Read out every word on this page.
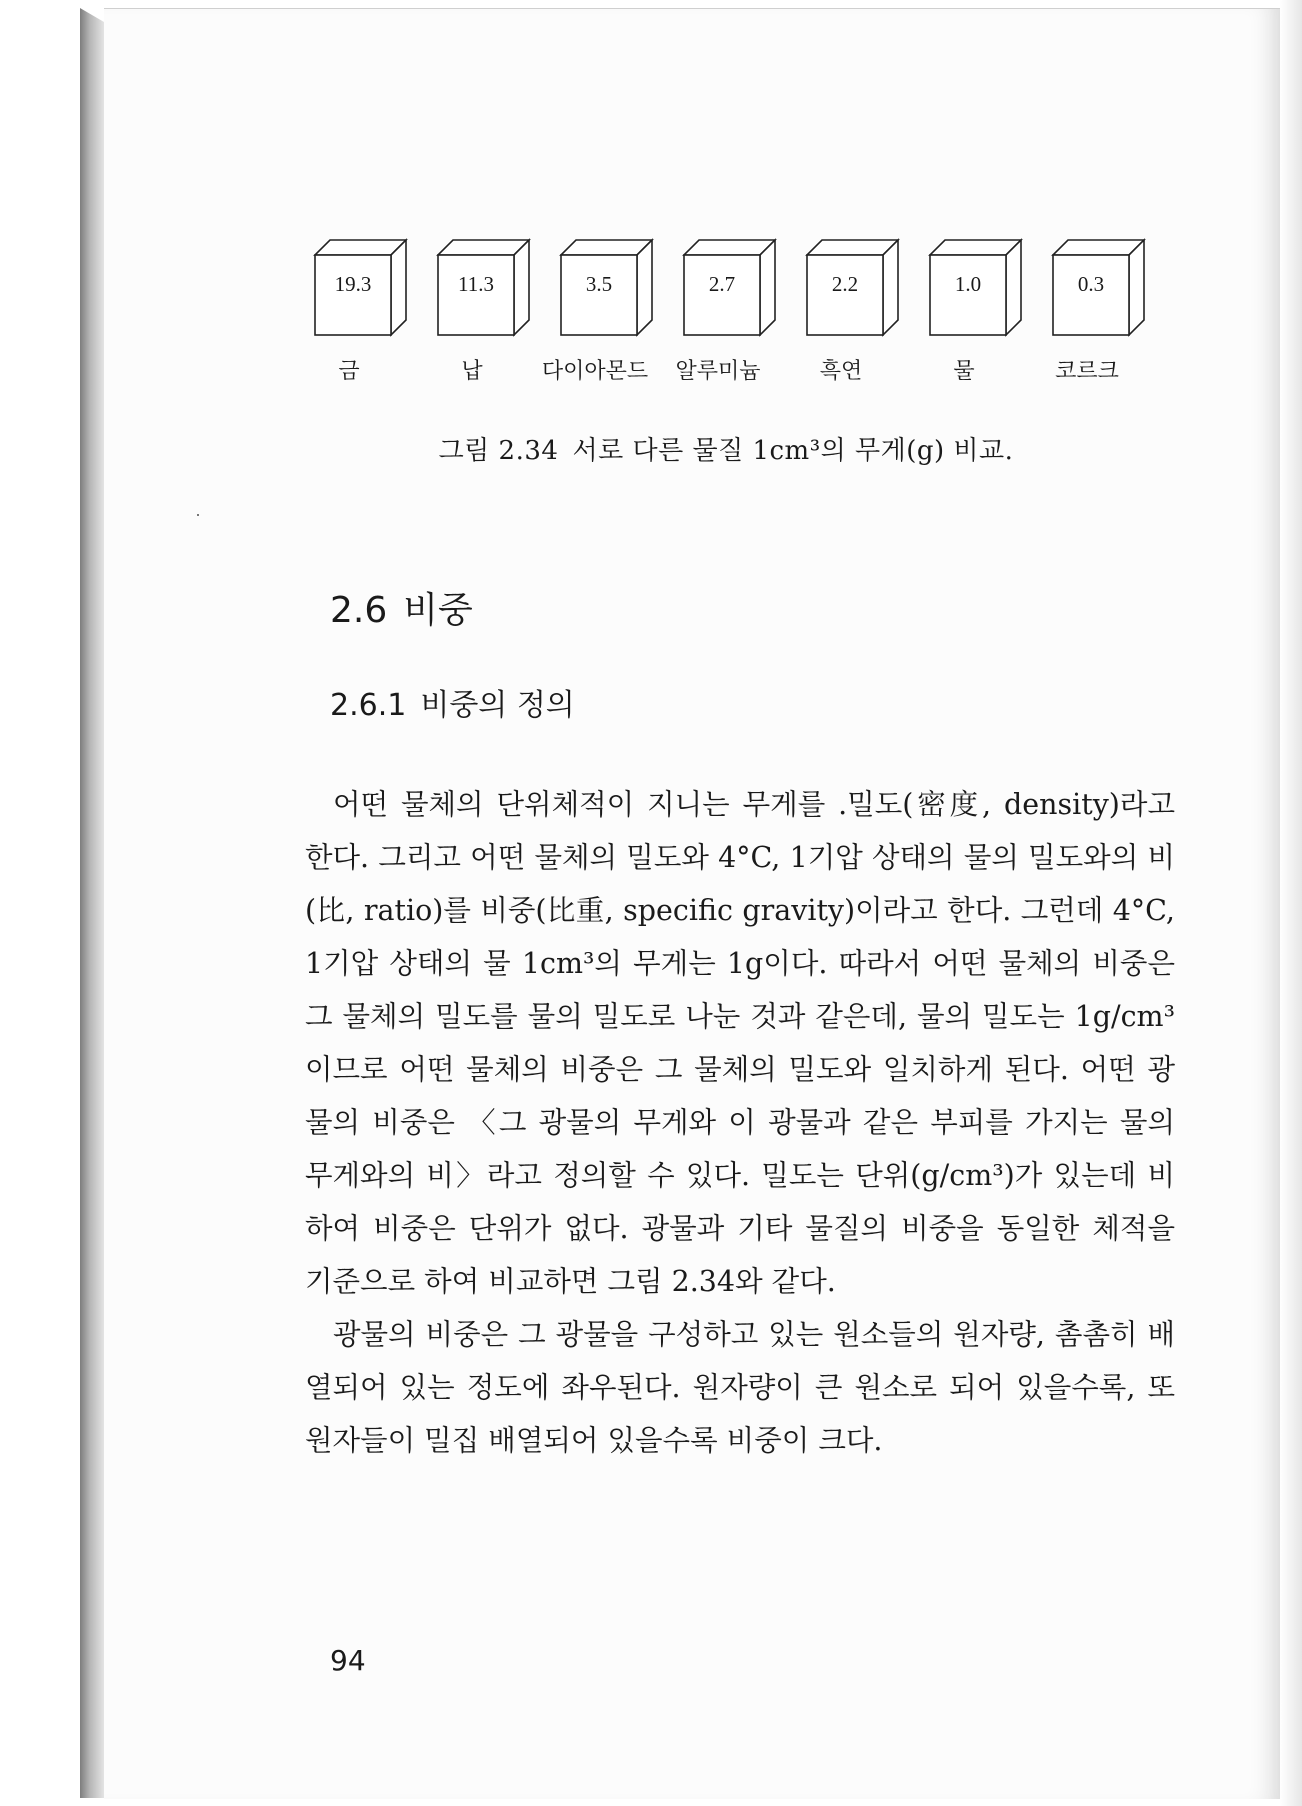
19.3
금
11.3
납
3.5
다이아몬드
2.7
알루미늄
2.2
흑연
1.0
물
0.3
코르크
그림 2.34 서로 다른 물질 1cm³의 무게(g) 비교.
2.6 비중
2.6.1 비중의 정의

어떤 물체의 단위체적이 지니는 무게를 .밀도(密度, density)라고 한다. 그리고 어떤 물체의 밀도와 4°C, 1기압 상태의 물의 밀도와의 비(比, ratio)를 비중(比重, specific gravity)이라고 한다. 그런데 4°C, 1기압 상태의 물 1cm³의 무게는 1g이다. 따라서 어떤 물체의 비중은 그 물체의 밀도를 물의 밀도로 나눈 것과 같은데, 물의 밀도는 1g/cm³이므로 어떤 물체의 비중은 그 물체의 밀도와 일치하게 된다. 어떤 광물의 비중은 〈그 광물의 무게와 이 광물과 같은 부피를 가지는 물의 무게와의 비〉라고 정의할 수 있다. 밀도는 단위(g/cm³)가 있는데 비하여 비중은 단위가 없다. 광물과 기타 물질의 비중을 동일한 체적을 기준으로 하여 비교하면 그림 2.34와 같다.

광물의 비중은 그 광물을 구성하고 있는 원소들의 원자량, 촘촘히 배열되어 있는 정도에 좌우된다. 원자량이 큰 원소로 되어 있을수록, 또 원자들이 밀집 배열되어 있을수록 비중이 크다.

94
